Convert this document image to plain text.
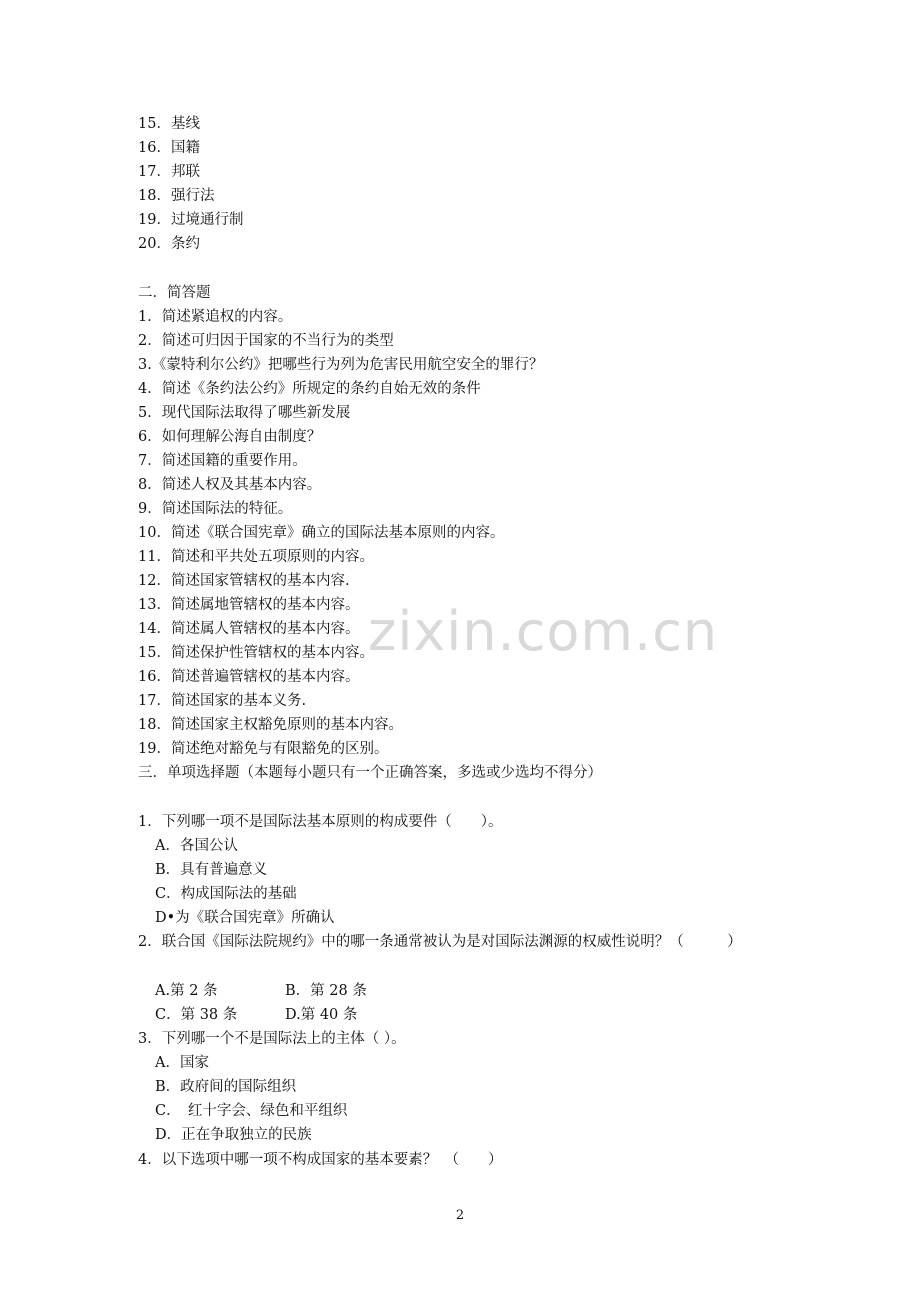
15．基线
16．国籍
17．邦联
18．强行法
19．过境通行制
20．条约
二．简答题
1．简述紧追权的内容。
2．简述可归因于国家的不当行为的类型
3.《蒙特利尔公约》把哪些行为列为危害民用航空安全的罪行？
4．简述《条约法公约》所规定的条约自始无效的条件
5．现代国际法取得了哪些新发展
6．如何理解公海自由制度？
7．简述国籍的重要作用。
8．简述人权及其基本内容。
9．简述国际法的特征。
10．简述《联合国宪章》确立的国际法基本原则的内容。
11．简述和平共处五项原则的内容。
12．简述国家管辖权的基本内容.
13．简述属地管辖权的基本内容。
14．简述属人管辖权的基本内容。
15．简述保护性管辖权的基本内容。
16．简述普遍管辖权的基本内容。
17．简述国家的基本义务.
18．简述国家主权豁免原则的基本内容。
19．简述绝对豁免与有限豁免的区别。
三．单项选择题（本题每小题只有一个正确答案，多选或少选均不得分）
1．下列哪一项不是国际法基本原则的构成要件（　　）。
A．各国公认
B．具有普遍意义
C．构成国际法的基础
D•为《联合国宪章》所确认
2．联合国《国际法院规约》中的哪一条通常被认为是对国际法渊源的权威性说明？（　　　）
A.第 2 条	B．第 28 条
C．第 38 条	D.第 40 条
3．下列哪一个不是国际法上的主体（ ）。
A．国家
B．政府间的国际组织
C．　红十字会、绿色和平组织
D．正在争取独立的民族
4．以下选项中哪一项不构成国家的基本要素？　（　　）
zixin.com.cn
2
